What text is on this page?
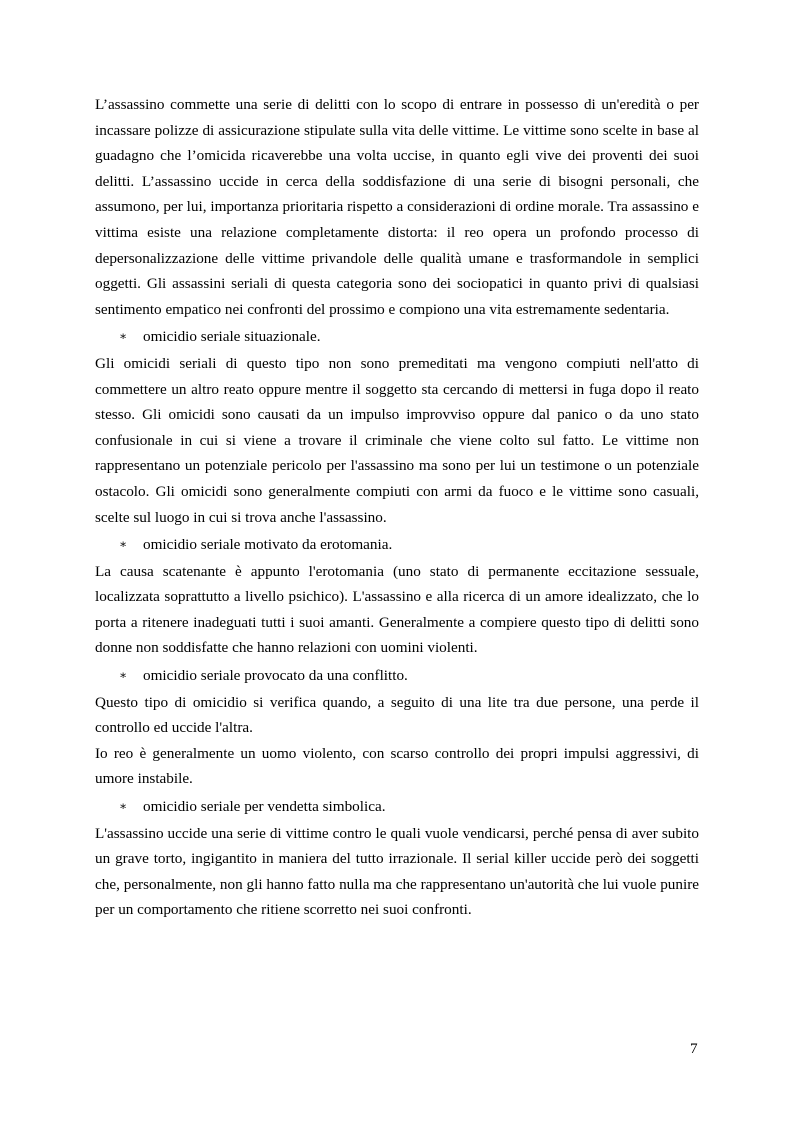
L’assassino commette una serie di delitti con lo scopo di entrare in possesso di un'eredità o per incassare polizze di assicurazione stipulate sulla vita delle vittime. Le vittime sono scelte in base al guadagno che l’omicida ricaverebbe una volta uccise, in quanto egli vive dei proventi dei suoi delitti. L’assassino uccide in cerca della soddisfazione di una serie di bisogni personali, che assumono, per lui, importanza prioritaria rispetto a considerazioni di ordine morale. Tra assassino e vittima esiste una relazione completamente distorta: il reo opera un profondo processo di depersonalizzazione delle vittime privandole delle qualità umane e trasformandole in semplici oggetti. Gli assassini seriali di questa categoria sono dei sociopatici in quanto privi di qualsiasi sentimento empatico nei confronti del prossimo e compiono una vita estremamente sedentaria.

∗ omicidio seriale situazionale.

Gli omicidi seriali di questo tipo non sono premeditati ma vengono compiuti nell'atto di commettere un altro reato oppure mentre il soggetto sta cercando di mettersi in fuga dopo il reato stesso. Gli omicidi sono causati da un impulso improvviso oppure dal panico o da uno stato confusionale in cui si viene a trovare il criminale che viene colto sul fatto. Le vittime non rappresentano un potenziale pericolo per l'assassino ma sono per lui un testimone o un potenziale ostacolo. Gli omicidi sono generalmente compiuti con armi da fuoco e le vittime sono casuali, scelte sul luogo in cui si trova anche l'assassino.

∗ omicidio seriale motivato da erotomania.

La causa scatenante è appunto l'erotomania (uno stato di permanente eccitazione sessuale, localizzata soprattutto a livello psichico). L'assassino e alla ricerca di un amore idealizzato, che lo porta a ritenere inadeguati tutti i suoi amanti. Generalmente a compiere questo tipo di delitti sono donne non soddisfatte che hanno relazioni con uomini violenti.

∗ omicidio seriale provocato da una conflitto.

Questo tipo di omicidio si verifica quando, a seguito di una lite tra due persone, una perde il controllo ed uccide l'altra.

Io reo è generalmente un uomo violento, con scarso controllo dei propri impulsi aggressivi, di umore instabile.

∗ omicidio seriale per vendetta simbolica.

L'assassino uccide una serie di vittime contro le quali vuole vendicarsi, perché pensa di aver subito un grave torto, ingigantito in maniera del tutto irrazionale. Il serial killer uccide però dei soggetti che, personalmente, non gli hanno fatto nulla ma che rappresentano un'autorità che lui vuole punire per un comportamento che ritiene scorretto nei suoi confronti.

7
